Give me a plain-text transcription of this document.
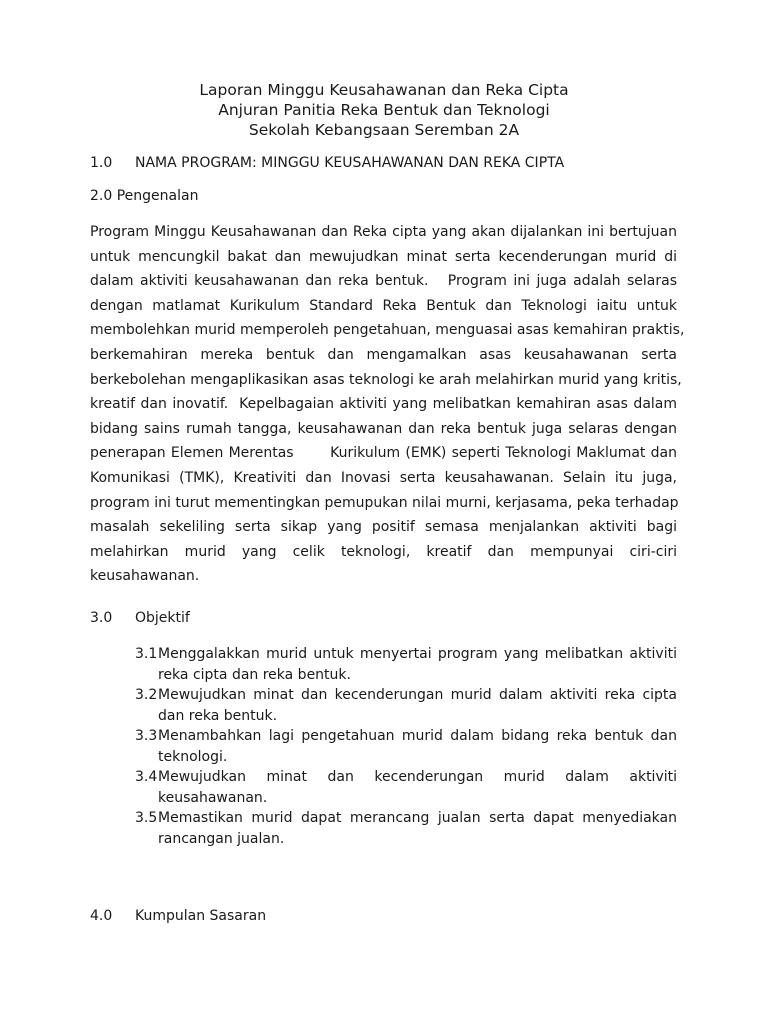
Laporan Minggu Keusahawanan dan Reka Cipta
Anjuran Panitia Reka Bentuk dan Teknologi
Sekolah Kebangsaan Seremban 2A
1.0 NAMA PROGRAM: MINGGU KEUSAHAWANAN DAN REKA CIPTA
2.0 Pengenalan
Program Minggu Keusahawanan dan Reka cipta yang akan dijalankan ini bertujuan
untuk mencungkil bakat dan mewujudkan minat serta kecenderungan murid di
dalam aktiviti keusahawanan dan reka bentuk.   Program ini juga adalah selaras
dengan matlamat Kurikulum Standard Reka Bentuk dan Teknologi iaitu untuk
membolehkan murid memperoleh pengetahuan, menguasai asas kemahiran praktis,
berkemahiran mereka bentuk dan mengamalkan asas keusahawanan serta
berkebolehan mengaplikasikan asas teknologi ke arah melahirkan murid yang kritis,
kreatif dan inovatif.  Kepelbagaian aktiviti yang melibatkan kemahiran asas dalam
bidang sains rumah tangga, keusahawanan dan reka bentuk juga selaras dengan
penerapan Elemen Merentas       Kurikulum (EMK) seperti Teknologi Maklumat dan
Komunikasi (TMK), Kreativiti dan Inovasi serta keusahawanan. Selain itu juga,
program ini turut mementingkan pemupukan nilai murni, kerjasama, peka terhadap
masalah sekeliling serta sikap yang positif semasa menjalankan aktiviti bagi
melahirkan murid yang celik teknologi, kreatif dan mempunyai ciri-ciri
keusahawanan.
3.0 Objektif
3.1 Menggalakkan murid untuk menyertai program yang melibatkan aktiviti
reka cipta dan reka bentuk.
3.2 Mewujudkan minat dan kecenderungan murid dalam aktiviti reka cipta
dan reka bentuk.
3.3 Menambahkan lagi pengetahuan murid dalam bidang reka bentuk dan
teknologi.
3.4 Mewujudkan minat dan kecenderungan murid dalam aktiviti
keusahawanan.
3.5 Memastikan murid dapat merancang jualan serta dapat menyediakan
rancangan jualan.
4.0 Kumpulan Sasaran
